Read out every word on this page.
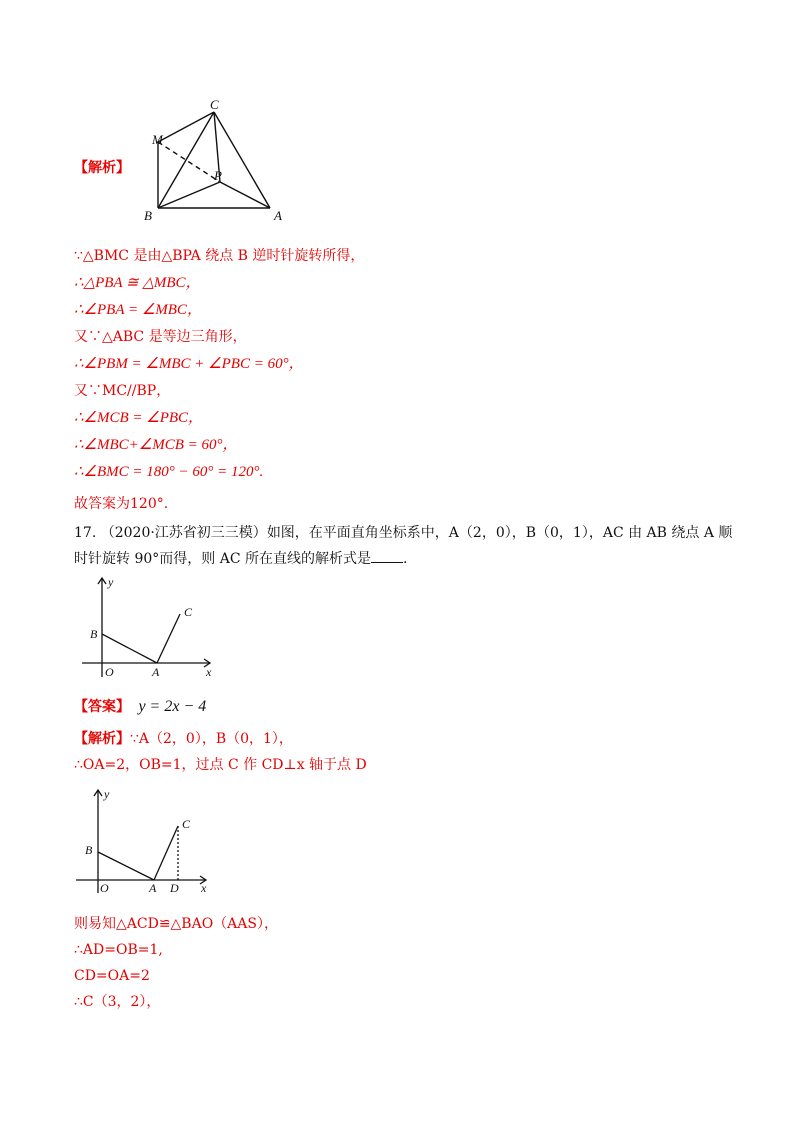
【解析】
C
M
P
B	A
∵△BMC 是由△BPA 绕点 B 逆时针旋转所得，
∴△PBA ≅ △MBC，
∴∠PBA = ∠MBC，
又∵△ABC 是等边三角形，
∴∠PBM = ∠MBC + ∠PBC = 60°，
又∵MC//BP，
∴∠MCB = ∠PBC，
∴∠MBC+∠MCB = 60°，
∴∠BMC = 180° − 60° = 120°.
故答案为120°.
17. （2020·江苏省初三三模）如图，在平面直角坐标系中，A（2，0），B（0，1），AC 由 AB 绕点 A 顺
时针旋转 90°而得，则 AC 所在直线的解析式是 .
y
x
O	A
B
C
【答案】 y = 2x − 4
【解析】∵A（2，0），B（0，1），
∴OA=2，OB=1，过点 C 作 CD⊥x 轴于点 D
y
x
O	A D
B
C
则易知△ACD≌△BAO（AAS），
∴AD=OB=1,
CD=OA=2
∴C（3，2），
